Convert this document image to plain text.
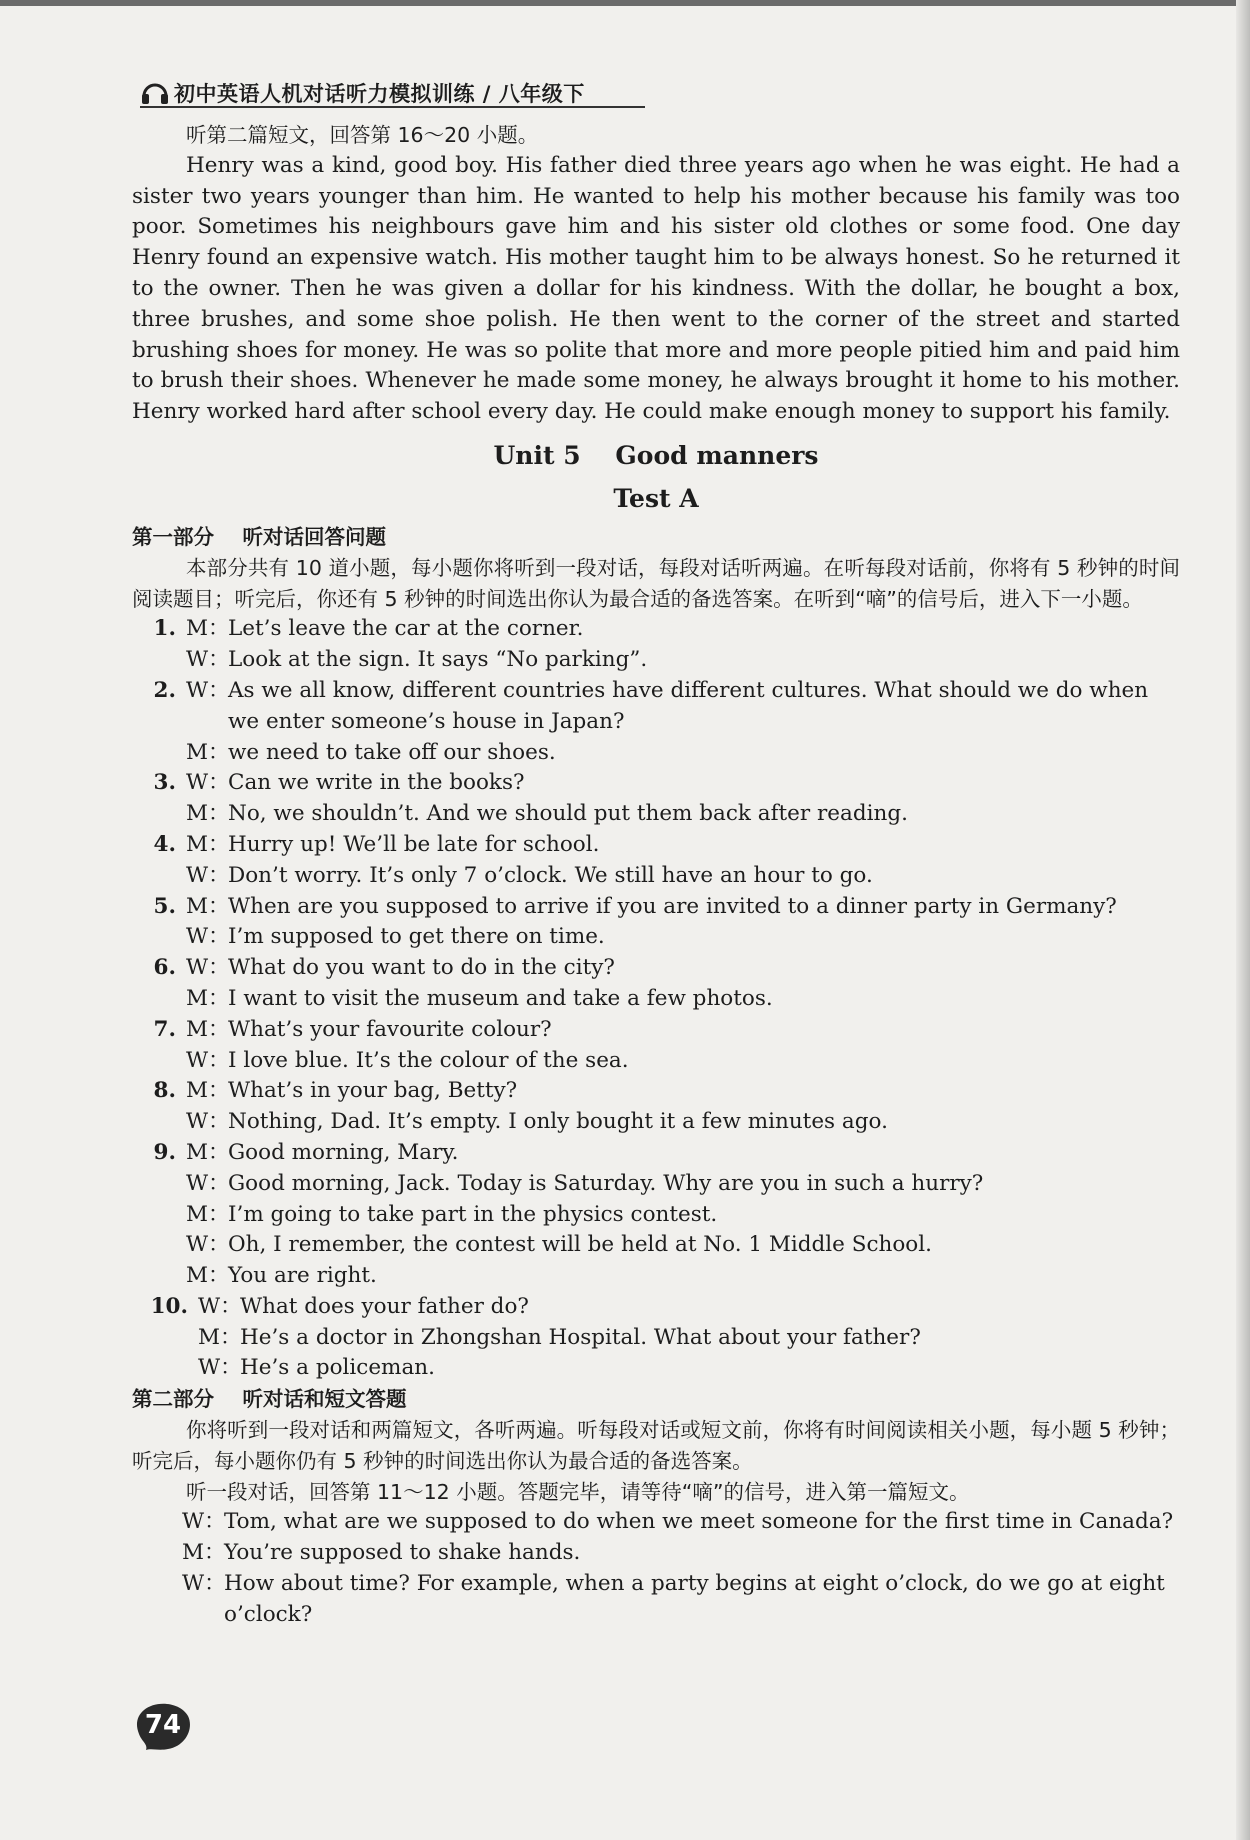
初中英语人机对话听力模拟训练 / 八年级下

听第二篇短文，回答第 16～20 小题。

Henry was a kind, good boy. His father died three years ago when he was eight. He had a sister two years younger than him. He wanted to help his mother because his family was too poor. Sometimes his neighbours gave him and his sister old clothes or some food. One day Henry found an expensive watch. His mother taught him to be always honest. So he returned it to the owner. Then he was given a dollar for his kindness. With the dollar, he bought a box, three brushes, and some shoe polish. He then went to the corner of the street and started brushing shoes for money. He was so polite that more and more people pitied him and paid him to brush their shoes. Whenever he made some money, he always brought it home to his mother. Henry worked hard after school every day. He could make enough money to support his family.

Unit 5    Good manners
Test A

第一部分    听对话回答问题

本部分共有 10 道小题，每小题你将听到一段对话，每段对话听两遍。在听每段对话前，你将有 5 秒钟的时间阅读题目；听完后，你还有 5 秒钟的时间选出你认为最合适的备选答案。在听到“嘀”的信号后，进入下一小题。

1. M：
Let’s leave the car at the corner.
W：
Look at the sign. It says “No parking”.
2. W：
As we all know, different countries have different cultures. What should we do when we enter someone’s house in Japan?
M：
we need to take off our shoes.
3. W：
Can we write in the books?
M：
No, we shouldn’t. And we should put them back after reading.
4. M：
Hurry up! We’ll be late for school.
W：
Don’t worry. It’s only 7 o’clock. We still have an hour to go.
5. M：
When are you supposed to arrive if you are invited to a dinner party in Germany?
W：
I’m supposed to get there on time.
6. W：
What do you want to do in the city?
M：
I want to visit the museum and take a few photos.
7. M：
What’s your favourite colour?
W：
I love blue. It’s the colour of the sea.
8. M：
What’s in your bag, Betty?
W：
Nothing, Dad. It’s empty. I only bought it a few minutes ago.
9. M：
Good morning, Mary.
W：
Good morning, Jack. Today is Saturday. Why are you in such a hurry?
M：
I’m going to take part in the physics contest.
W：
Oh, I remember, the contest will be held at No. 1 Middle School.
M：
You are right.
10. W：
What does your father do?
M：
He’s a doctor in Zhongshan Hospital. What about your father?
W：
He’s a policeman.

第二部分    听对话和短文答题

你将听到一段对话和两篇短文，各听两遍。听每段对话或短文前，你将有时间阅读相关小题，每小题 5 秒钟；听完后，每小题你仍有 5 秒钟的时间选出你认为最合适的备选答案。

听一段对话，回答第 11～12 小题。答题完毕，请等待“嘀”的信号，进入第一篇短文。

W：
Tom, what are we supposed to do when we meet someone for the first time in Canada?
M：
You’re supposed to shake hands.
W：
How about time? For example, when a party begins at eight o’clock, do we go at eight o’clock?
74
